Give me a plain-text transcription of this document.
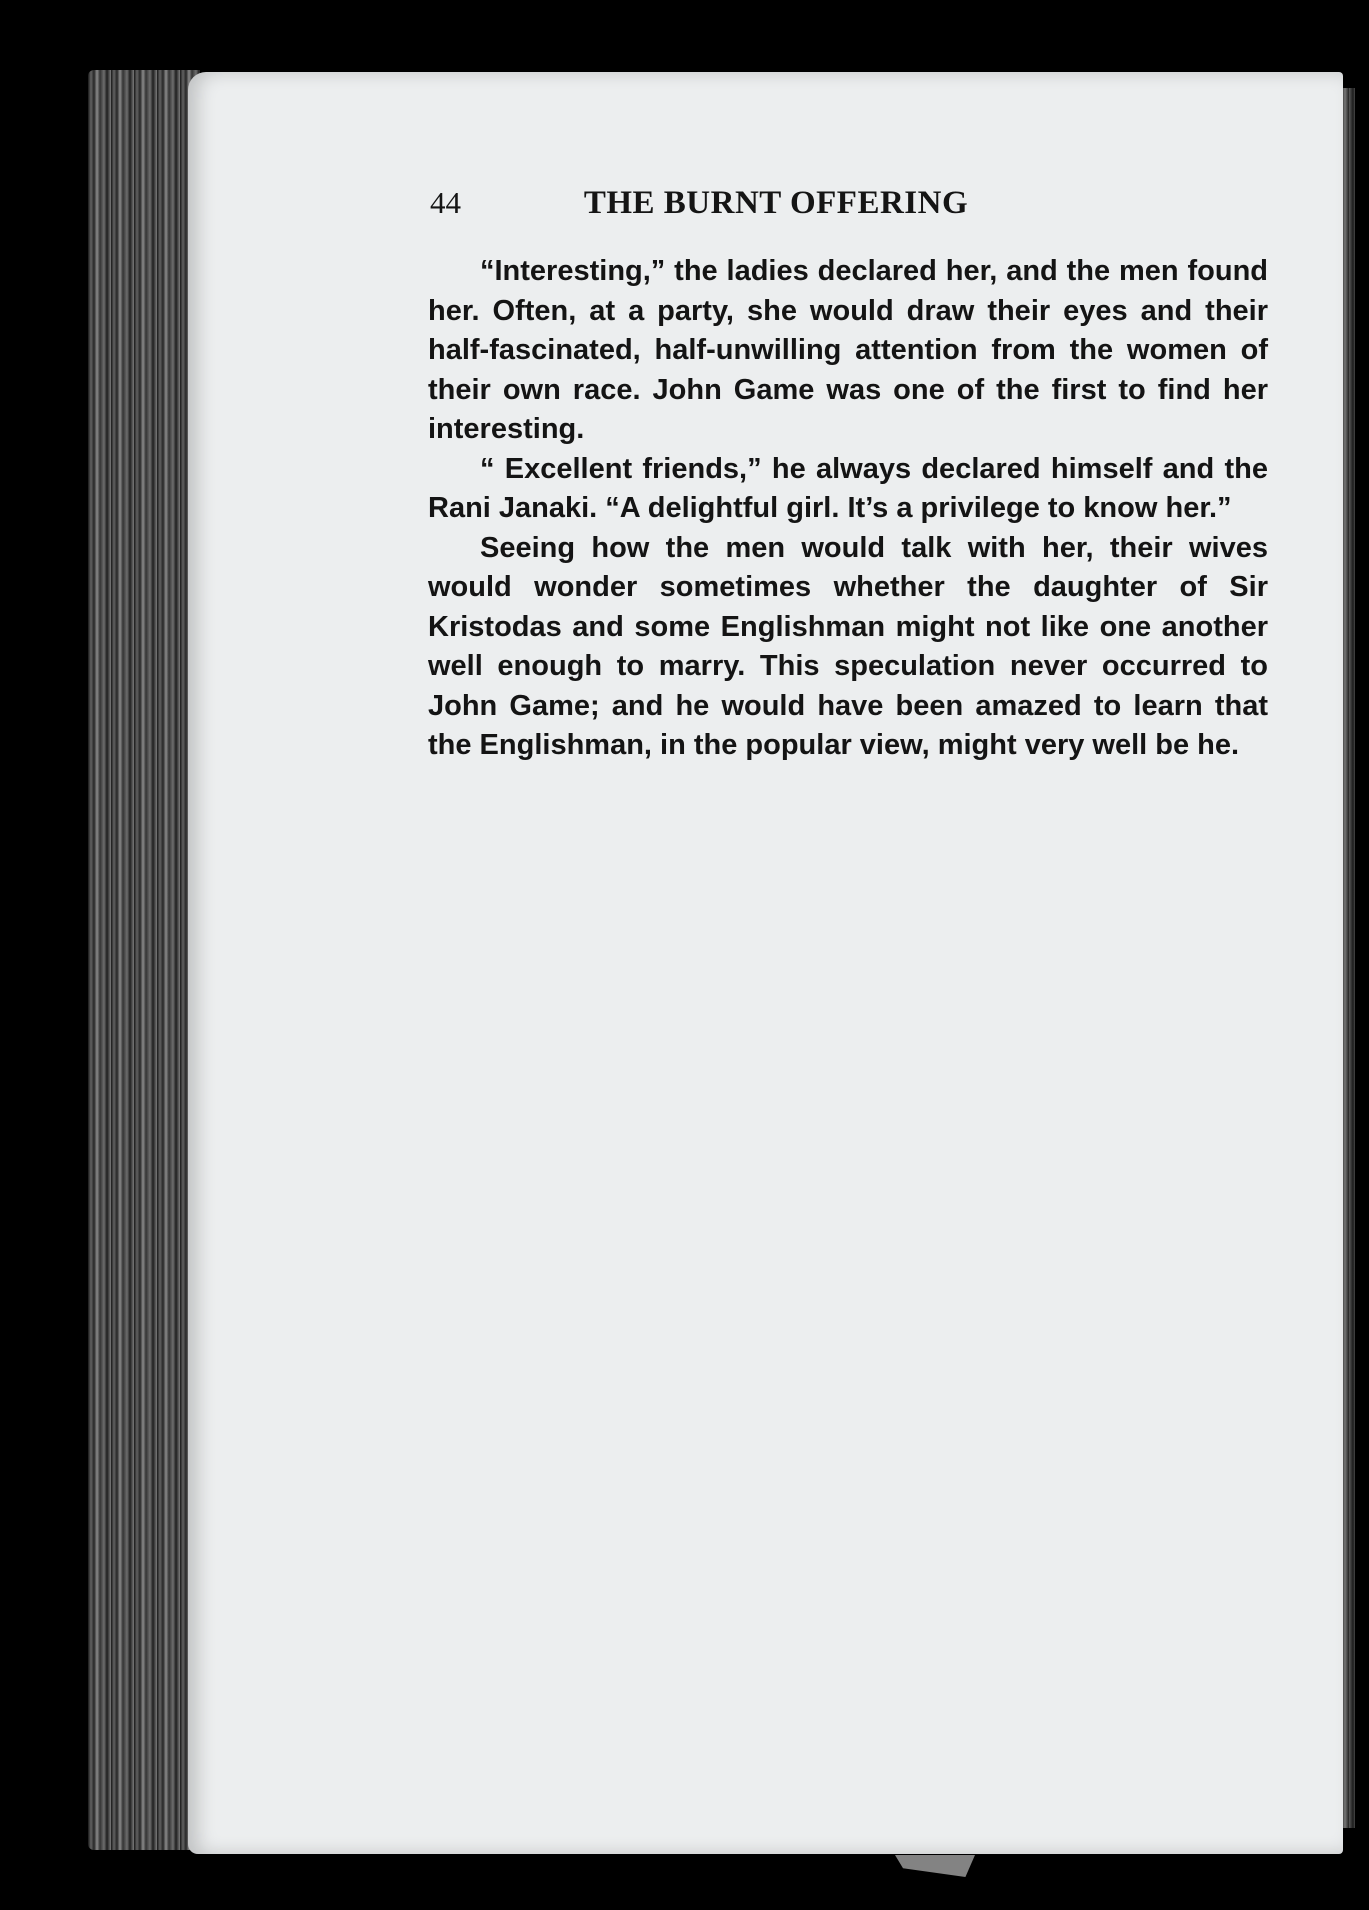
44	THE BURNT OFFERING

“Interesting,” the ladies declared her, and the men found her. Often, at a party, she would draw their eyes and their half-fascinated, half-unwilling attention from the women of their own race. John Game was one of the first to find her interesting.

“ Excellent friends,” he always declared himself and the Rani Janaki. “A delightful girl. It’s a privilege to know her.”

Seeing how the men would talk with her, their wives would wonder sometimes whether the daughter of Sir Kristodas and some Englishman might not like one another well enough to marry. This speculation never occurred to John Game; and he would have been amazed to learn that the Englishman, in the popular view, might very well be he.
